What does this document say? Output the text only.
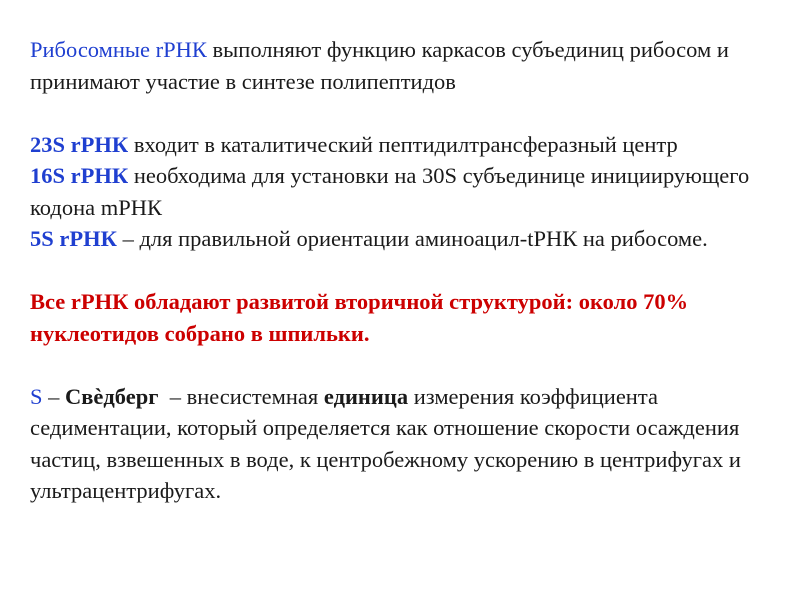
Рибосомные rРНК выполняют функцию каркасов субъединиц рибосом и принимают участие в синтезе полипептидов

23S rРНК входит в каталитический пептидилтрансферазный центр
16S rРНК необходима для установки на 30S субъединице инициирующего кодона mРНК
5S rРНК – для правильной ориентации аминоацил-tРНК на рибосоме.

Все rРНК обладают развитой вторичной структурой: около 70% нуклеотидов собрано в шпильки.

S – Свѐдберг  – внесистемная единица измерения коэффициента седиментации, который определяется как отношение скорости осаждения частиц, взвешенных в воде, к центробежному ускорению в центрифугах и ультрацентрифугах.
